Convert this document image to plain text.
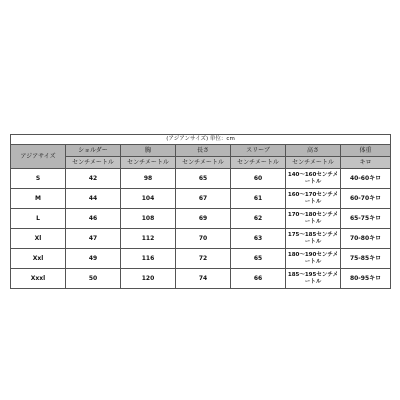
(アジアンサイズ) 単位：cm						
アジアサイズ	ショルダー	胸	長さ	スリーブ	高さ	体重
	センチメートル	センチメートル	センチメートル	センチメートル	センチメートル	キロ
S	42	98	65	60	140～160センチメートル	40-60キロ
M	44	104	67	61	160～170センチメートル	60-70キロ
L	46	108	69	62	170～180センチメートル	65-75キロ
Xl	47	112	70	63	175～185センチメートル	70-80キロ
Xxl	49	116	72	65	180～190センチメートル	75-85キロ
Xxxl	50	120	74	66	185～195センチメートル	80-95キロ
